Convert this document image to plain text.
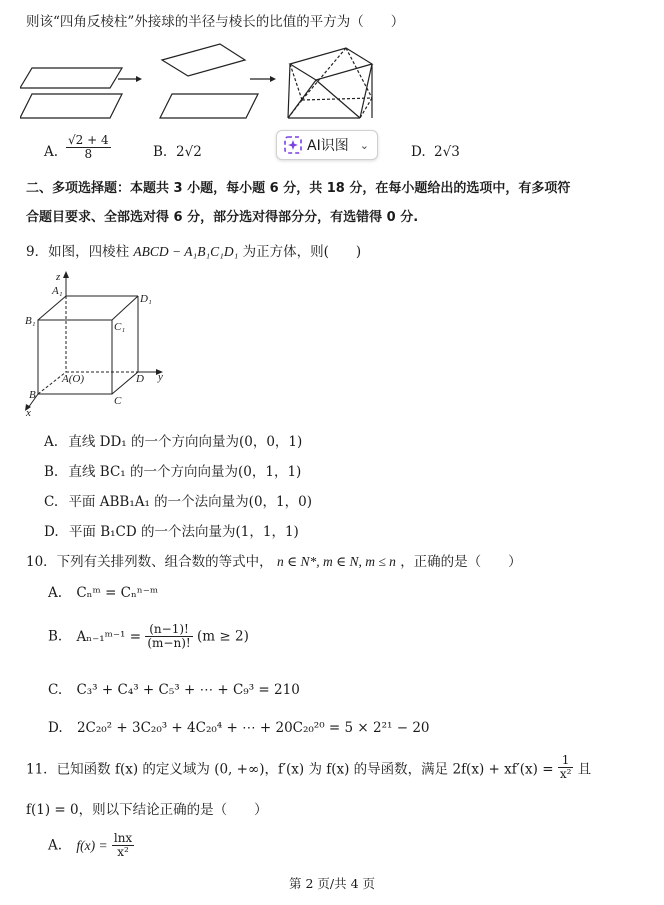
则该“四角反棱柱”外接球的半径与棱长的比值的平方为（　　）
A. $\frac{√2 + 4}{8}$	B. 2√2	AI识图 ⌄	D. 2√3
二、多项选择题：本题共 3 小题，每小题 6 分，共 18 分，在每小题给出的选项中，有多项符
合题目要求、全部选对得 6 分，部分选对得部分分，有选错得 0 分.
9．如图，四棱柱 ABCD − A₁B₁C₁D₁ 为正方体，则(　　)
z
y
x
A₁
D₁
B₁	C₁
A(O)	D
B	C
A. 直线 DD₁ 的一个方向向量为(0，0，1)
B. 直线 BC₁ 的一个方向向量为(0，1，1)
C. 平面 ABB₁A₁ 的一个法向量为(0，1，0)
D. 平面 B₁CD 的一个法向量为(1，1，1)
10．下列有关排列数、组合数的等式中， n ∈ N*, m ∈ N, m ≤ n ，正确的是（　　）
A. Cₙᵐ = Cₙⁿ⁻ᵐ
B. Aₙ₋₁ᵐ⁻¹ = $\frac{(n-1)!}{(m-n)!} (m \ge 2)$
C. C₃³ + C₄³ + C₅³ + ⋯ + C₉³ = 210
D. 2C₂₀² + 3C₂₀³ + 4C₂₀⁴ + ⋯ + 20C₂₀²⁰ = 5 × 2²¹ − 20
11．已知函数 f(x) 的定义域为 (0, +∞)，f′(x) 为 f(x) 的导函数，满足 $2f(x) + xf'(x) = \frac{1}{\text{x²}}$ 且
f(1) = 0，则以下结论正确的是（　　）
A. $f(x) = \frac{\ln x}{\text{x²}}$
第 2 页/共 4 页
